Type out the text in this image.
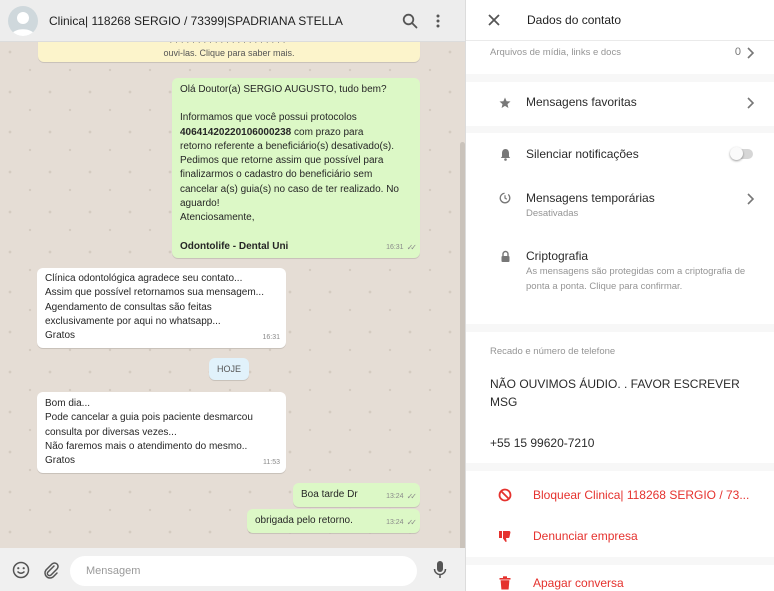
Clinica| 118268 SERGIO / 73399|SPADRIANA STELLA
·····················
ouvi-las. Clique para saber mais.
Olá Doutor(a) SERGIO AUGUSTO, tudo bem?
Informamos que você possui protocolos
40641420220106000238 com prazo para
retorno referente a beneficiário(s) desativado(s).
Pedimos que retorne assim que possível para
finalizarmos o cadastro do beneficiário sem
cancelar a(s) guia(s) no caso de ter realizado. No
aguardo!
Atenciosamente,
Odontolife - Dental Uni	16:31 ✓✓
Clínica odontológica agradece seu contato...
Assim que possível retornamos sua mensagem...
Agendamento de consultas são feitas
exclusivamente por aqui no whatsapp...
Gratos	16:31
HOJE
Bom dia...
Pode cancelar a guia pois paciente desmarcou
consulta por diversas vezes...
Não faremos mais o atendimento do mesmo..
Gratos	11:53
Boa tarde Dr	13:24 ✓✓
obrigada pelo retorno.	13:24 ✓✓
Mensagem
Dados do contato
Arquivos de mídia, links e docs	0
Mensagens favoritas
Silenciar notificações
Mensagens temporárias
Desativadas
Criptografia
As mensagens são protegidas com a criptografia de ponta a ponta. Clique para confirmar.
Recado e número de telefone
NÃO OUVIMOS ÁUDIO. . FAVOR ESCREVER MSG
+55 15 99620-7210
Bloquear Clinica| 118268 SERGIO / 73...
Denunciar empresa
Apagar conversa
